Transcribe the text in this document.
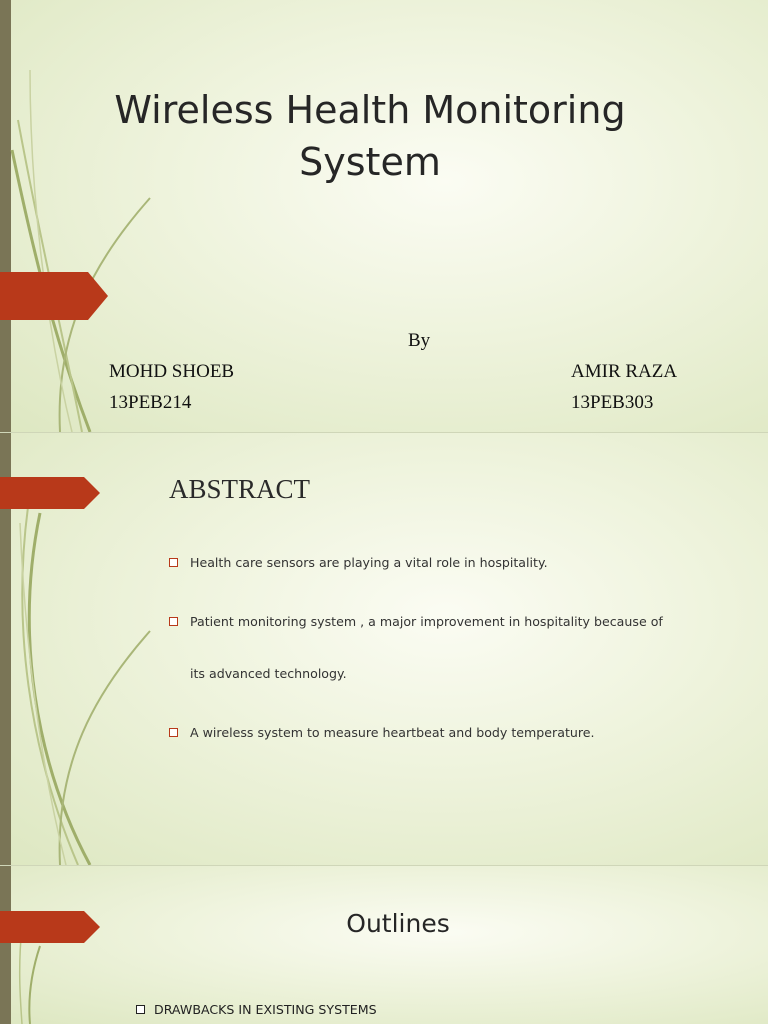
Wireless Health Monitoring System
By
MOHD SHOEB
13PEB214
AMIR RAZA
13PEB303
ABSTRACT
Health care sensors are playing a vital role in hospitality.
Patient monitoring system , a major improvement in hospitality because of
its advanced technology.
A wireless system to measure heartbeat and body temperature.
Outlines
DRAWBACKS IN EXISTING SYSTEMS
